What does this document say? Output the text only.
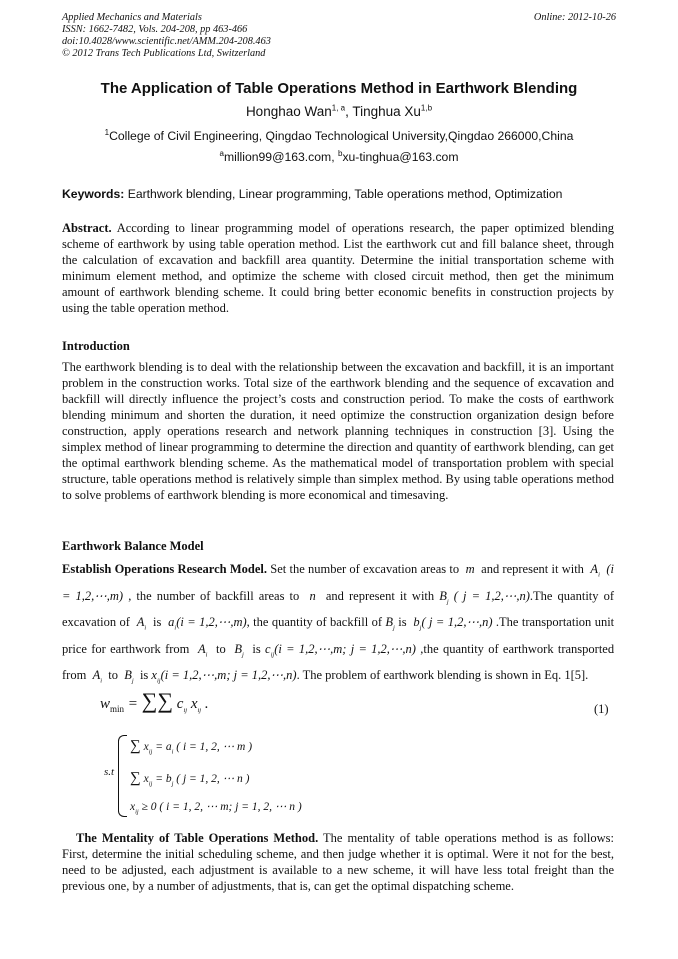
Applied Mechanics and Materials
ISSN: 1662-7482, Vols. 204-208, pp 463-466
doi:10.4028/www.scientific.net/AMM.204-208.463
© 2012 Trans Tech Publications Ltd, Switzerland
Online: 2012-10-26
The Application of Table Operations Method in Earthwork Blending
Honghao Wan$^{1, a}$, Tinghua Xu$^{1,b}$
$^1$College of Civil Engineering, Qingdao Technological University,Qingdao 266000,China
$^a$million99@163.com, $^b$xu-tinghua@163.com
Keywords: Earthwork blending, Linear programming, Table operations method, Optimization
Abstract. According to linear programming model of operations research, the paper optimized blending scheme of earthwork by using table operation method. List the earthwork cut and fill balance sheet, through the calculation of excavation and backfill area quantity. Determine the initial transportation scheme with minimum element method, and optimize the scheme with closed circuit method, then get the minimum amount of earthwork blending scheme. It could bring better economic benefits in construction projects by using the table operation method.
Introduction
The earthwork blending is to deal with the relationship between the excavation and backfill, it is an important problem in the construction works. Total size of the earthwork blending and the sequence of excavation and backfill will directly influence the project’s costs and construction period. To make the costs of earthwork blending minimum and shorten the duration, it need optimize the construction organization design before construction, apply operations research and network planning techniques in construction [3]. Using the simplex method of linear programming to determine the direction and quantity of earthwork blending, can get the optimal earthwork blending scheme. As the mathematical model of transportation problem with special structure, table operations method is relatively simple than simplex method. By using table operations method to solve problems of earthwork blending is more economical and timesaving.
Earthwork Balance Model
Establish Operations Research Model. Set the number of excavation areas to  m  and represent it with  $A_i$  (i = 1,2,⋯,m) , the number of backfill areas to  n  and represent it with $B_j$ ( j = 1,2,⋯,n).The quantity of excavation of  $A_i$ is  $a_i(i$ = 1,2,⋯,m), the quantity of backfill of $B_j$ is  $b_j$( j = 1,2,⋯,n) .The transportation unit price for earthwork from  $A_i$ to  $B_j$ is $c_{ij}(i$ = 1,2,⋯,m; j = 1,2,⋯,n) ,the quantity of earthwork transported from  $A_i$ to  $B_j$ is $x_{ij}(i$ = 1,2,⋯,m; j = 1,2,⋯,n). The problem of earthwork blending is shown in Eq. 1[5].
$w_{min}$ = ∑∑ $c_{ij}$ $x_{ij}$ .	(1)
s.t
∑ $x_{ij} = a_i$ ( i = 1, 2, ⋯ m )
∑ $x_{ij} = b_j$ ( j = 1, 2, ⋯ n )
$x_{ij} \ge 0$ ( i = 1, 2, ⋯ m; j = 1, 2, ⋯ n )
The Mentality of Table Operations Method. The mentality of table operations method is as follows: First, determine the initial scheduling scheme, and then judge whether it is optimal. Were it not for the best, need to be adjusted, each adjustment is available to a new scheme, it will have less total freight than the previous one, by a number of adjustments, that is, can get the optimal dispatching scheme.
